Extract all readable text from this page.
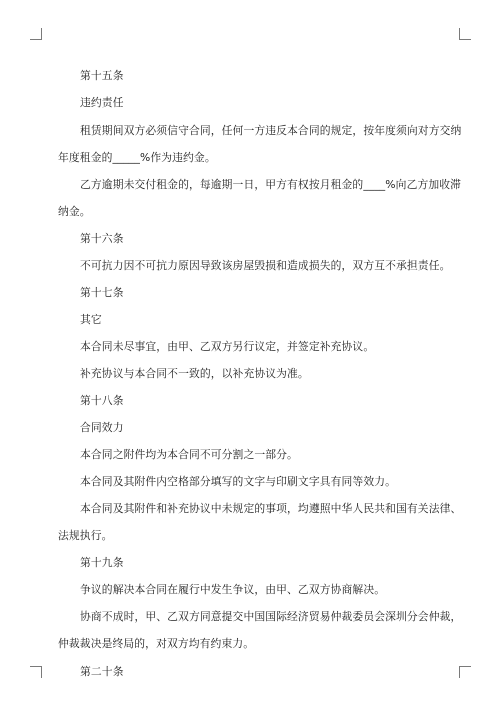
第十五条
违约责任
租赁期间双方必须信守合同，任何一方违反本合同的规定，按年度须向对方交纳
年度租金的_____%作为违约金。
乙方逾期未交付租金的，每逾期一日，甲方有权按月租金的____%向乙方加收滞
纳金。
第十六条
不可抗力因不可抗力原因导致该房屋毁损和造成损失的，双方互不承担责任。
第十七条
其它
本合同未尽事宜，由甲、乙双方另行议定，并签定补充协议。
补充协议与本合同不一致的，以补充协议为准。
第十八条
合同效力
本合同之附件均为本合同不可分割之一部分。
本合同及其附件内空格部分填写的文字与印刷文字具有同等效力。
本合同及其附件和补充协议中未规定的事项，均遵照中华人民共和国有关法律、
法规执行。
第十九条
争议的解决本合同在履行中发生争议，由甲、乙双方协商解决。
协商不成时，甲、乙双方同意提交中国国际经济贸易仲裁委员会深圳分会仲裁，
仲裁裁决是终局的，对双方均有约束力。
第二十条
